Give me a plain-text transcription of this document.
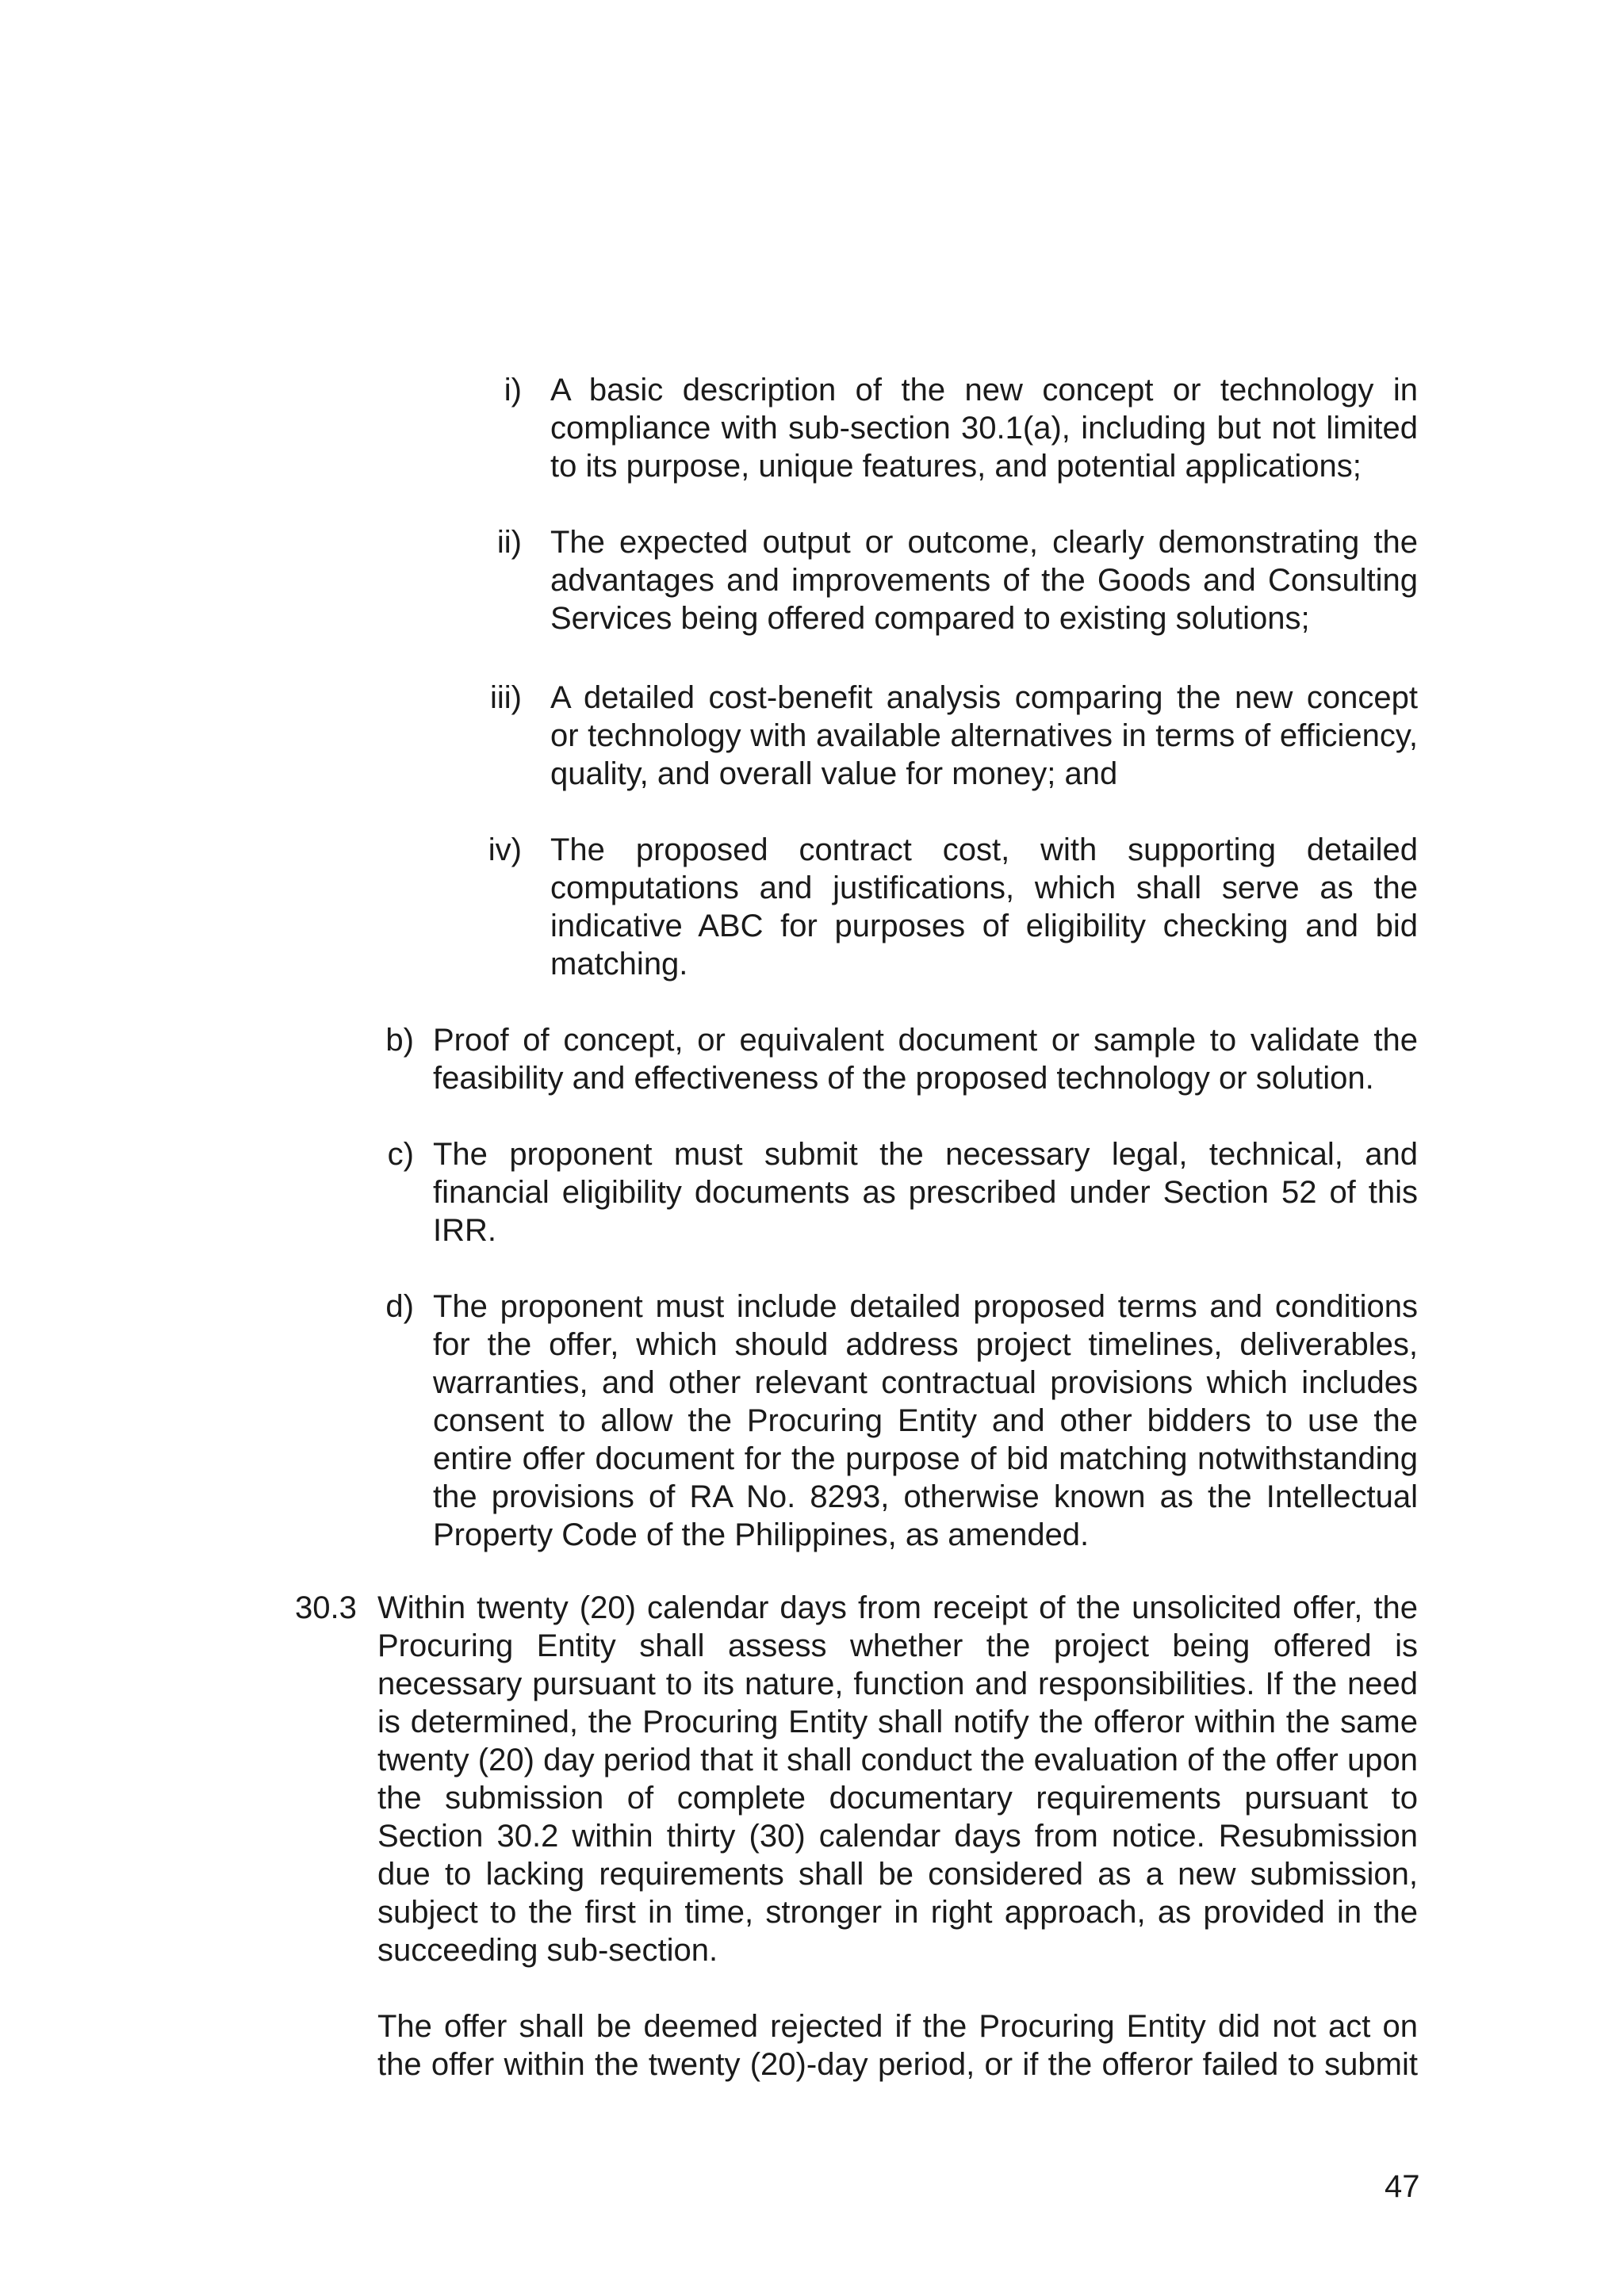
i) A basic description of the new concept or technology in compliance with sub-section 30.1(a), including but not limited to its purpose, unique features, and potential applications;
ii) The expected output or outcome, clearly demonstrating the advantages and improvements of the Goods and Consulting Services being offered compared to existing solutions;
iii) A detailed cost-benefit analysis comparing the new concept or technology with available alternatives in terms of efficiency, quality, and overall value for money; and
iv) The proposed contract cost, with supporting detailed computations and justifications, which shall serve as the indicative ABC for purposes of eligibility checking and bid matching.
b) Proof of concept, or equivalent document or sample to validate the feasibility and effectiveness of the proposed technology or solution.
c) The proponent must submit the necessary legal, technical, and financial eligibility documents as prescribed under Section 52 of this IRR.
d) The proponent must include detailed proposed terms and conditions for the offer, which should address project timelines, deliverables, warranties, and other relevant contractual provisions which includes consent to allow the Procuring Entity and other bidders to use the entire offer document for the purpose of bid matching notwithstanding the provisions of RA No. 8293, otherwise known as the Intellectual Property Code of the Philippines, as amended.
30.3 Within twenty (20) calendar days from receipt of the unsolicited offer, the Procuring Entity shall assess whether the project being offered is necessary pursuant to its nature, function and responsibilities. If the need is determined, the Procuring Entity shall notify the offeror within the same twenty (20) day period that it shall conduct the evaluation of the offer upon the submission of complete documentary requirements pursuant to Section 30.2 within thirty (30) calendar days from notice. Resubmission due to lacking requirements shall be considered as a new submission, subject to the first in time, stronger in right approach, as provided in the succeeding sub-section.
The offer shall be deemed rejected if the Procuring Entity did not act on the offer within the twenty (20)-day period, or if the offeror failed to submit
47
